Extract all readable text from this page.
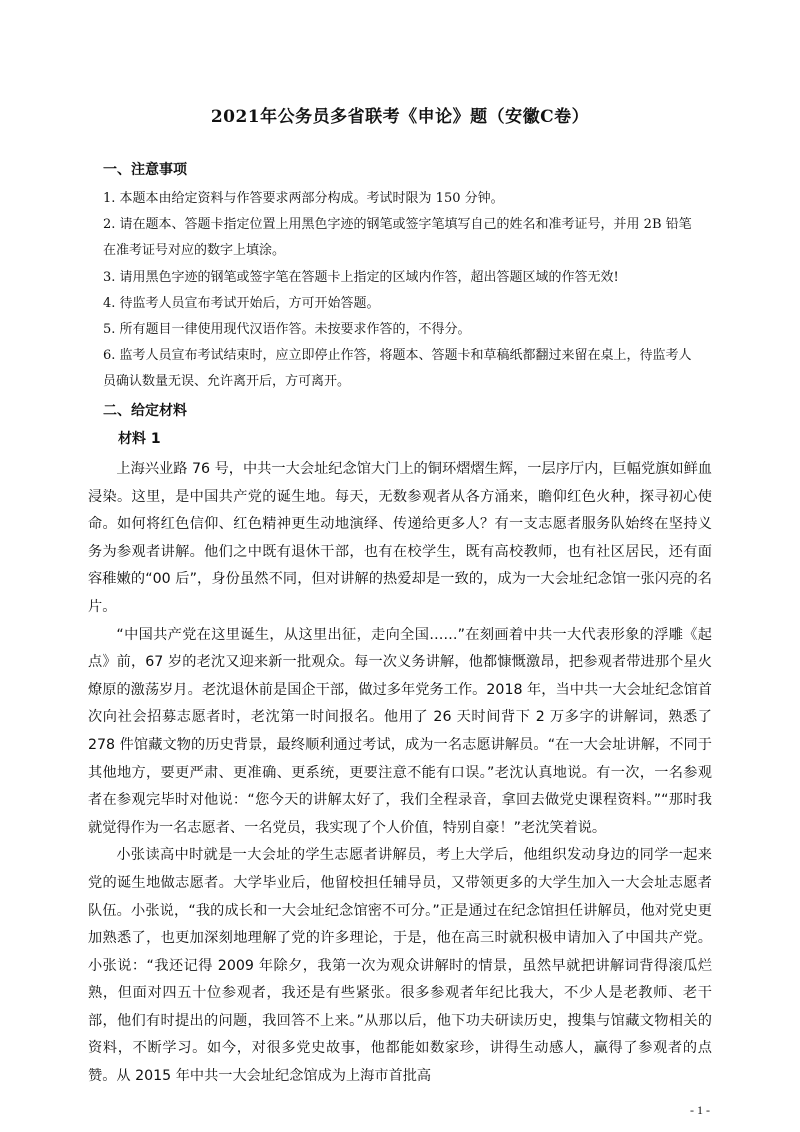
2021年公务员多省联考《申论》题（安徽C卷）
一、注意事项

1. 本题本由给定资料与作答要求两部分构成。考试时限为 150 分钟。

2. 请在题本、答题卡指定位置上用黑色字迹的钢笔或签字笔填写自己的姓名和准考证号，并用 2B 铅笔在准考证号对应的数字上填涂。

3. 请用黑色字迹的钢笔或签字笔在答题卡上指定的区域内作答，超出答题区域的作答无效!

4. 待监考人员宣布考试开始后，方可开始答题。

5. 所有题目一律使用现代汉语作答。未按要求作答的，不得分。

6. 监考人员宣布考试结束时，应立即停止作答，将题本、答题卡和草稿纸都翻过来留在桌上，待监考人员确认数量无误、允许离开后，方可离开。

二、给定材料
材料 1

上海兴业路 76 号，中共一大会址纪念馆大门上的铜环熠熠生辉，一层序厅内，巨幅党旗如鲜血浸染。这里，是中国共产党的诞生地。每天，无数参观者从各方涌来，瞻仰红色火种，探寻初心使命。如何将红色信仰、红色精神更生动地演绎、传递给更多人？有一支志愿者服务队始终在坚持义务为参观者讲解。他们之中既有退休干部，也有在校学生，既有高校教师，也有社区居民，还有面容稚嫩的“00 后”，身份虽然不同，但对讲解的热爱却是一致的，成为一大会址纪念馆一张闪亮的名片。

“中国共产党在这里诞生，从这里出征，走向全国……”在刻画着中共一大代表形象的浮雕《起点》前，67 岁的老沈又迎来新一批观众。每一次义务讲解，他都慷慨激昂，把参观者带进那个星火燎原的激荡岁月。老沈退休前是国企干部，做过多年党务工作。2018 年，当中共一大会址纪念馆首次向社会招募志愿者时，老沈第一时间报名。他用了 26 天时间背下 2 万多字的讲解词，熟悉了 278 件馆藏文物的历史背景，最终顺利通过考试，成为一名志愿讲解员。“在一大会址讲解，不同于其他地方，要更严肃、更准确、更系统，更要注意不能有口误。”老沈认真地说。有一次，一名参观者在参观完毕时对他说：“您今天的讲解太好了，我们全程录音，拿回去做党史课程资料。”“那时我就觉得作为一名志愿者、一名党员，我实现了个人价值，特别自豪！”老沈笑着说。

小张读高中时就是一大会址的学生志愿者讲解员，考上大学后，他组织发动身边的同学一起来党的诞生地做志愿者。大学毕业后，他留校担任辅导员，又带领更多的大学生加入一大会址志愿者队伍。小张说，“我的成长和一大会址纪念馆密不可分。”正是通过在纪念馆担任讲解员，他对党史更加熟悉了，也更加深刻地理解了党的许多理论，于是，他在高三时就积极申请加入了中国共产党。小张说：“我还记得 2009 年除夕，我第一次为观众讲解时的情景，虽然早就把讲解词背得滚瓜烂熟，但面对四五十位参观者，我还是有些紧张。很多参观者年纪比我大，不少人是老教师、老干部，他们有时提出的问题，我回答不上来。”从那以后，他下功夫研读历史，搜集与馆藏文物相关的资料，不断学习。如今，对很多党史故事，他都能如数家珍，讲得生动感人，赢得了参观者的点赞。从 2015 年中共一大会址纪念馆成为上海市首批高

- 1 -
